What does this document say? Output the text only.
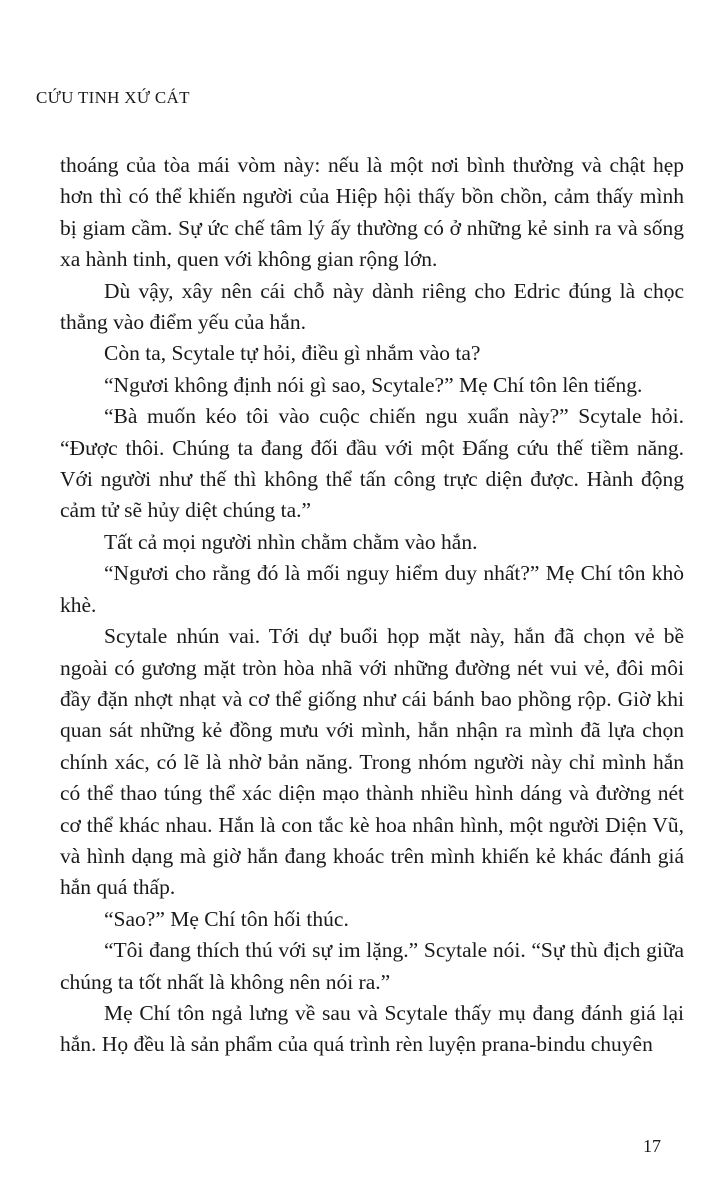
CỨU TINH XỨ CÁT

thoáng của tòa mái vòm này: nếu là một nơi bình thường và chật hẹp hơn thì có thể khiến người của Hiệp hội thấy bồn chồn, cảm thấy mình bị giam cầm. Sự ức chế tâm lý ấy thường có ở những kẻ sinh ra và sống xa hành tinh, quen với không gian rộng lớn.

Dù vậy, xây nên cái chỗ này dành riêng cho Edric đúng là chọc thẳng vào điểm yếu của hắn.

Còn ta, Scytale tự hỏi, điều gì nhắm vào ta?

“Ngươi không định nói gì sao, Scytale?” Mẹ Chí tôn lên tiếng.

“Bà muốn kéo tôi vào cuộc chiến ngu xuẩn này?” Scytale hỏi. “Được thôi. Chúng ta đang đối đầu với một Đấng cứu thế tiềm năng. Với người như thế thì không thể tấn công trực diện được. Hành động cảm tử sẽ hủy diệt chúng ta.”

Tất cả mọi người nhìn chằm chằm vào hắn.

“Ngươi cho rằng đó là mối nguy hiểm duy nhất?” Mẹ Chí tôn khò khè.

Scytale nhún vai. Tới dự buổi họp mặt này, hắn đã chọn vẻ bề ngoài có gương mặt tròn hòa nhã với những đường nét vui vẻ, đôi môi đầy đặn nhợt nhạt và cơ thể giống như cái bánh bao phồng rộp. Giờ khi quan sát những kẻ đồng mưu với mình, hắn nhận ra mình đã lựa chọn chính xác, có lẽ là nhờ bản năng. Trong nhóm người này chỉ mình hắn có thể thao túng thể xác diện mạo thành nhiều hình dáng và đường nét cơ thể khác nhau. Hắn là con tắc kè hoa nhân hình, một người Diện Vũ, và hình dạng mà giờ hắn đang khoác trên mình khiến kẻ khác đánh giá hắn quá thấp.

“Sao?” Mẹ Chí tôn hối thúc.

“Tôi đang thích thú với sự im lặng.” Scytale nói. “Sự thù địch giữa chúng ta tốt nhất là không nên nói ra.”

Mẹ Chí tôn ngả lưng về sau và Scytale thấy mụ đang đánh giá lại hắn. Họ đều là sản phẩm của quá trình rèn luyện prana-bindu chuyên

17
